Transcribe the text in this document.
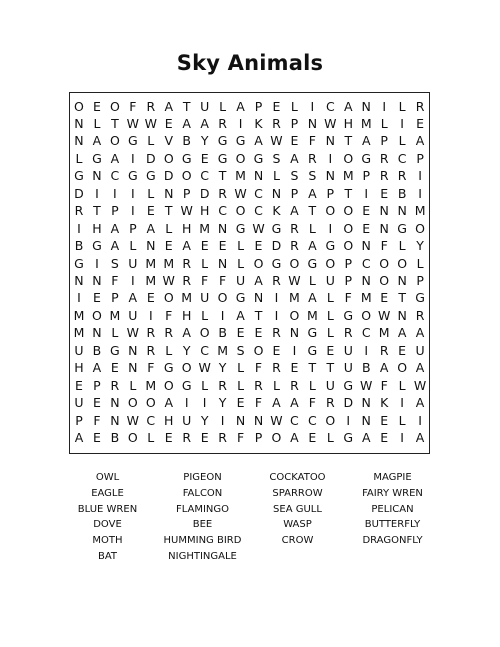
Sky Animals
O E O F R A T U L A P E L	I C A N I	L R
N L T W W E A A R I K R P N W H M L	I E
N A O G L V B Y G G A W E F N T A P L A
L G A I D O G E G O G S A R I O G R C P
G N C G G D O C T M N L S S N M P R R I
D I	I	I	L N P D R W C N P A P T I E B I
R T P I E T W H C O C K A T O O E N N M
I H A P A L H M N G W G R L	I O E N G O
B G A L N E A E E L E D R A G O N F L Y
G I S U M M R L N L O G O G O P C O O L
N N F	I M W R F F U A R W L U P N O N P
I E P A E O M U O G N I M A L F M E T G
M O M U I	F H L	I A T I O M L G O W N R
M N L W R R A O B E E R N G L R C M A A
U B G N R L Y C M S O E I G E U I R E U
H A E N F G O W Y L F R E T T U B A O A
E P R L M O G L R L R L R L U G W F L W
U E N O O A I	I Y E F A A F R D N K I A
P F N W C H U Y I N N W C C O I N E L	I
A E B O L E R E R F P O A E L G A E I A
OWL
EAGLE
BLUE WREN
DOVE
MOTH
BAT
PIGEON
FALCON
FLAMINGO
BEE
HUMMING BIRD
NIGHTINGALE
COCKATOO
SPARROW
SEA GULL
WASP
CROW
MAGPIE
FAIRY WREN
PELICAN
BUTTERFLY
DRAGONFLY
